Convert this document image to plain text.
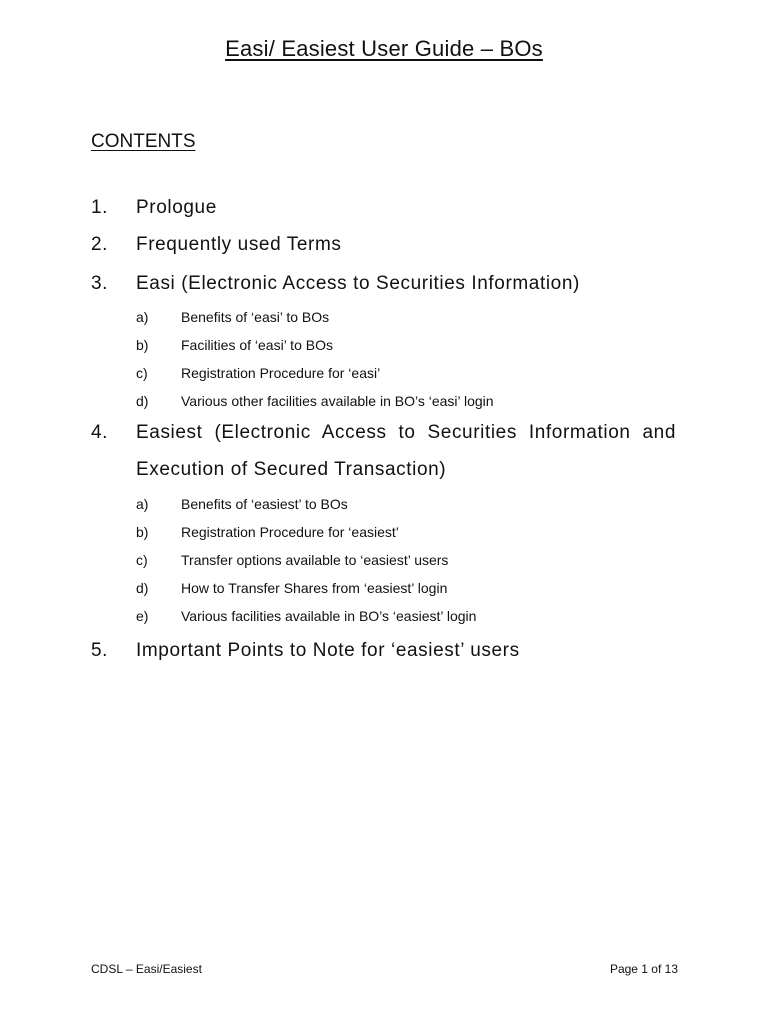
Easi/ Easiest User Guide – BOs
CONTENTS
1. Prologue
2. Frequently used Terms
3. Easi (Electronic Access to Securities Information)
a) Benefits of ‘easi’ to BOs
b) Facilities of ‘easi’ to BOs
c) Registration Procedure for ‘easi’
d) Various other facilities available in BO’s ‘easi’ login
4. Easiest (Electronic Access to Securities Information and
Execution of Secured Transaction)
a) Benefits of ‘easiest’ to BOs
b) Registration Procedure for ‘easiest’
c) Transfer options available to ‘easiest’ users
d) How to Transfer Shares from ‘easiest’ login
e) Various facilities available in BO’s ‘easiest’ login
5. Important Points to Note for ‘easiest’ users
CDSL – Easi/Easiest	Page 1 of 13
